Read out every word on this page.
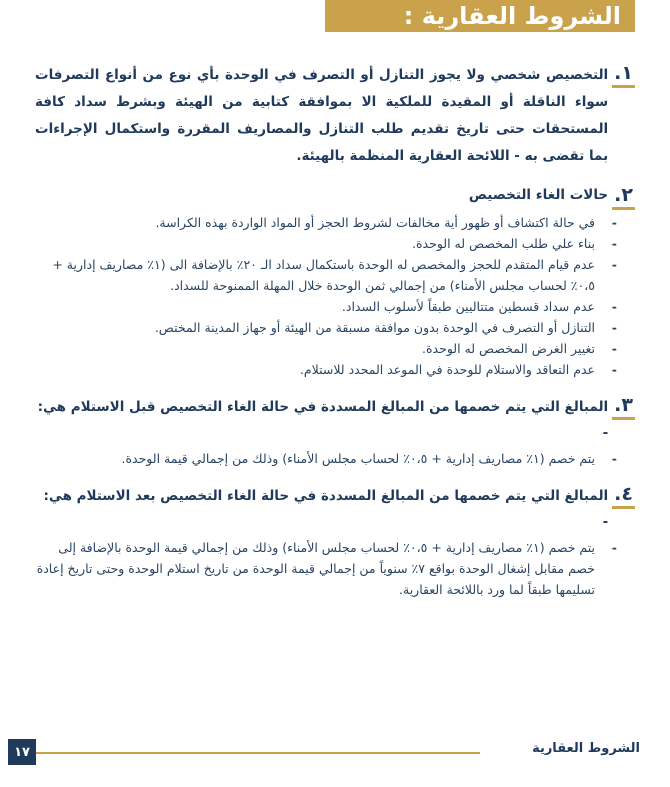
الشروط العقارية :
١.
التخصيص شخصي ولا يجوز التنازل أو التصرف في الوحدة بأي نوع من أنواع التصرفات سواء الناقلة أو المقيدة للملكية الا بموافقة كتابية من الهيئة وبشرط سداد كافة المستحقات حتى تاريخ تقديم طلب التنازل والمصاريف المقررة واستكمال الإجراءات بما تقضى به - اللائحة العقارية المنظمة بالهيئة.
٢.
حالات الغاء التخصيص
-
في حالة اكتشاف أو ظهور أية مخالفات لشروط الحجز أو المواد الواردة بهذه الكراسة.
-
بناء علي طلب المخصص له الوحدة.
-
عدم قيام المتقدم للحجز والمخصص له الوحدة باستكمال سداد الـ ٢٠٪ بالإضافة الى (١٪ مصاريف إدارية + ٠،٥٪ لحساب مجلس الأمناء) من إجمالي ثمن الوحدة خلال المهلة الممنوحة للسداد.
-
عدم سداد قسطين متتاليين طبقاً لأسلوب السداد.
-
التنازل أو التصرف في الوحدة بدون موافقة مسبقة من الهيئة أو جهاز المدينة المختص.
-
تغيير الغرض المخصص له الوحدة.
-
عدم التعاقد والاستلام للوحدة في الموعد المحدد للاستلام.
٣.
المبالغ التي يتم خصمها من المبالغ المسددة في حالة الغاء التخصيص قبل الاستلام هي: -
-
يتم خصم (١٪ مصاريف إدارية + ٠،٥٪ لحساب مجلس الأمناء) وذلك من إجمالي قيمة الوحدة.
٤.
المبالغ التي يتم خصمها من المبالغ المسددة في حالة الغاء التخصيص بعد الاستلام هي: -
-
يتم خصم (١٪ مصاريف إدارية + ٠،٥٪ لحساب مجلس الأمناء) وذلك من إجمالي قيمة الوحدة بالإضافة إلى خصم مقابل إشغال الوحدة بواقع ٧٪ سنوياً من إجمالي قيمة الوحدة من تاريخ استلام الوحدة وحتى تاريخ إعادة تسليمها طبقاً لما ورد باللائحة العقارية.
الشروط العقارية
١٧
